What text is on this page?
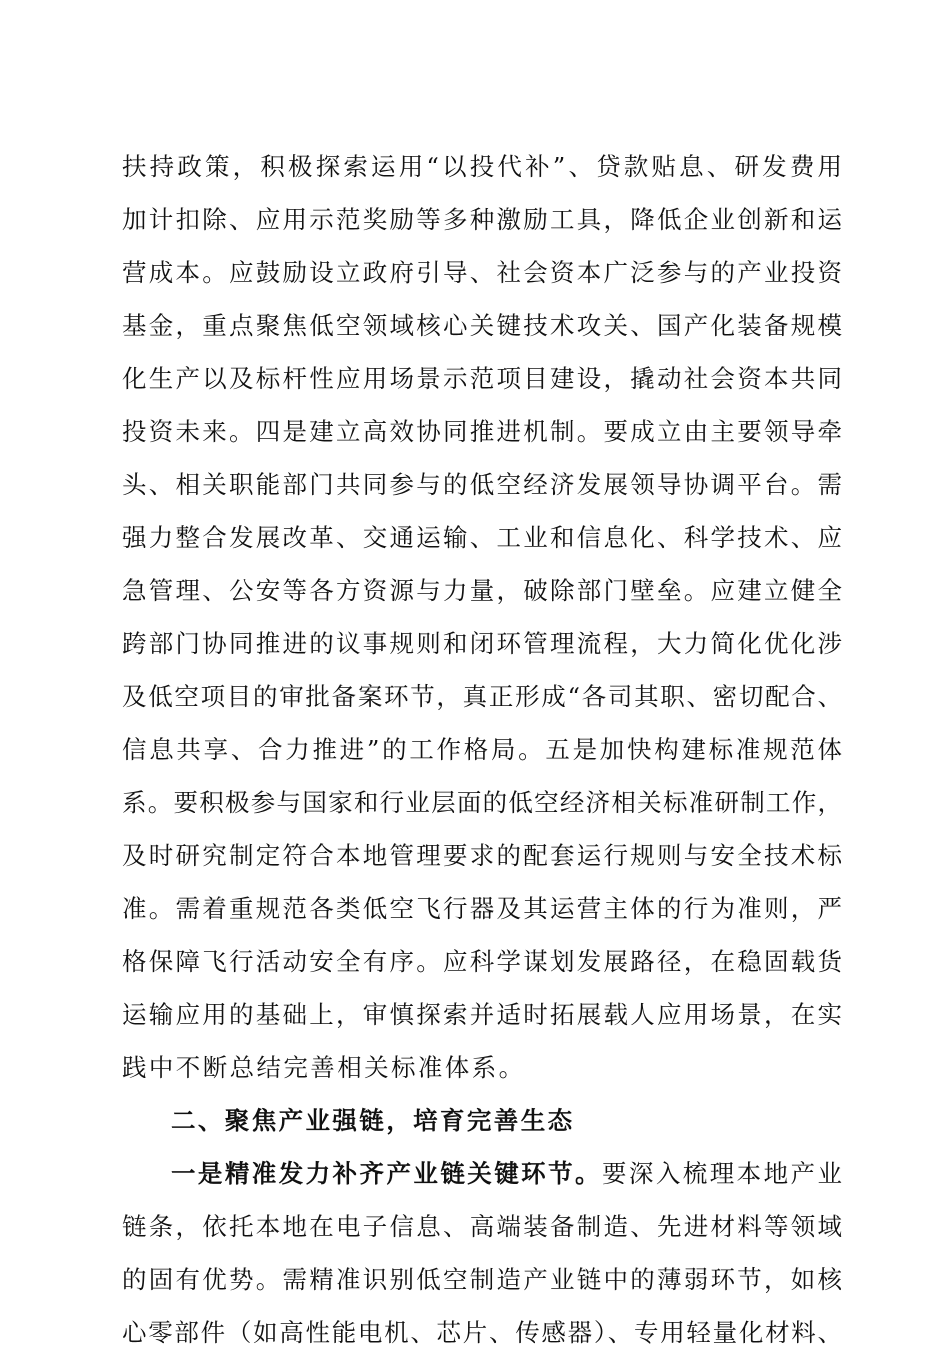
扶持政策，积极探索运用“以投代补”、贷款贴息、研发费用
加计扣除、应用示范奖励等多种激励工具，降低企业创新和运
营成本。应鼓励设立政府引导、社会资本广泛参与的产业投资
基金，重点聚焦低空领域核心关键技术攻关、国产化装备规模
化生产以及标杆性应用场景示范项目建设，撬动社会资本共同
投资未来。四是建立高效协同推进机制。要成立由主要领导牵
头、相关职能部门共同参与的低空经济发展领导协调平台。需
强力整合发展改革、交通运输、工业和信息化、科学技术、应
急管理、公安等各方资源与力量，破除部门壁垒。应建立健全
跨部门协同推进的议事规则和闭环管理流程，大力简化优化涉
及低空项目的审批备案环节，真正形成“各司其职、密切配合、
信息共享、合力推进”的工作格局。五是加快构建标准规范体
系。要积极参与国家和行业层面的低空经济相关标准研制工作，
及时研究制定符合本地管理要求的配套运行规则与安全技术标
准。需着重规范各类低空飞行器及其运营主体的行为准则，严
格保障飞行活动安全有序。应科学谋划发展路径，在稳固载货
运输应用的基础上，审慎探索并适时拓展载人应用场景，在实
践中不断总结完善相关标准体系。
二、聚焦产业强链，培育完善生态
一是精准发力补齐产业链关键环节。要深入梳理本地产业
链条，依托本地在电子信息、高端装备制造、先进材料等领域
的固有优势。需精准识别低空制造产业链中的薄弱环节，如核
心零部件（如高性能电机、芯片、传感器）、专用轻量化材料、
